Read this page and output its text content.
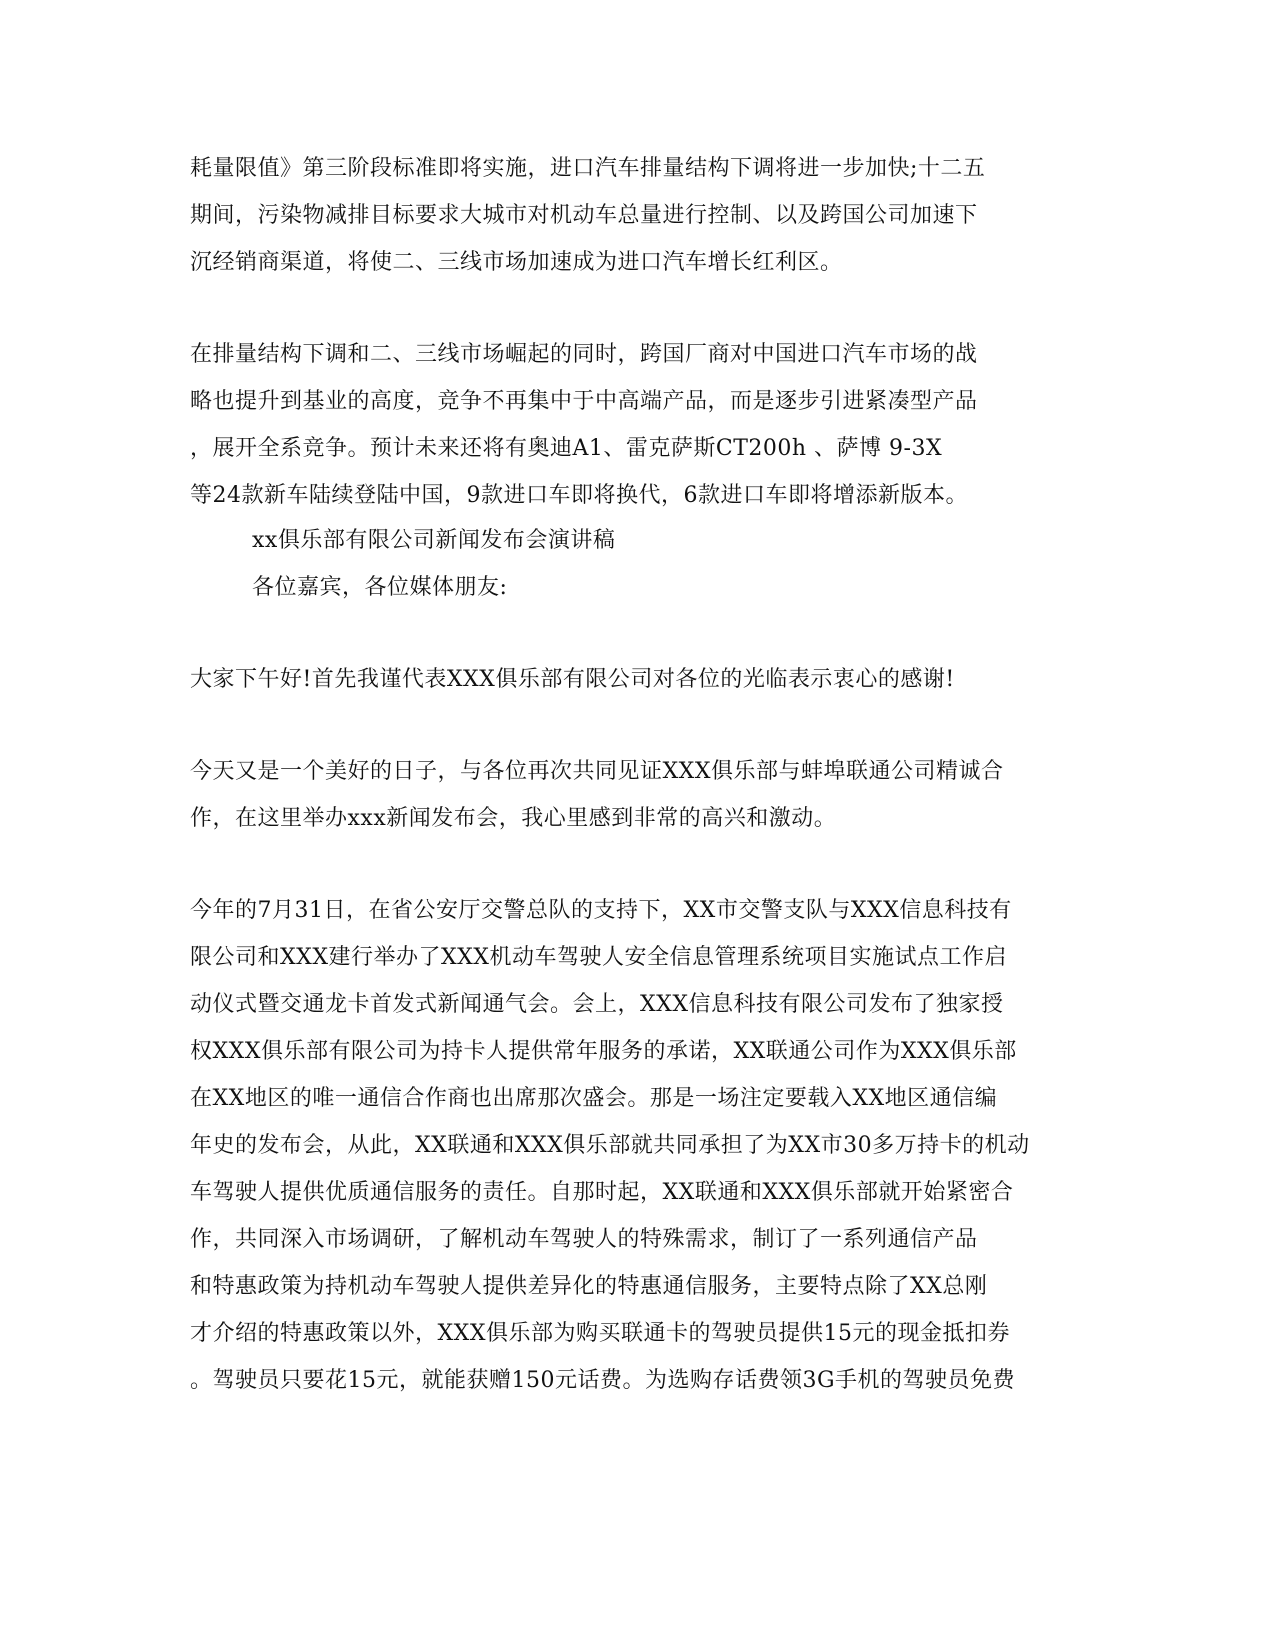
耗量限值》第三阶段标准即将实施，进口汽车排量结构下调将进一步加快;十二五
期间，污染物减排目标要求大城市对机动车总量进行控制、以及跨国公司加速下
沉经销商渠道，将使二、三线市场加速成为进口汽车增长红利区。
在排量结构下调和二、三线市场崛起的同时，跨国厂商对中国进口汽车市场的战
略也提升到基业的高度，竞争不再集中于中高端产品，而是逐步引进紧凑型产品
，展开全系竞争。预计未来还将有奥迪A1、雷克萨斯CT200h 、萨博 9-3X
等24款新车陆续登陆中国，9款进口车即将换代，6款进口车即将增添新版本。
xx俱乐部有限公司新闻发布会演讲稿
各位嘉宾，各位媒体朋友:
大家下午好!首先我谨代表XXX俱乐部有限公司对各位的光临表示衷心的感谢!
今天又是一个美好的日子，与各位再次共同见证XXX俱乐部与蚌埠联通公司精诚合
作，在这里举办xxx新闻发布会，我心里感到非常的高兴和激动。
今年的7月31日，在省公安厅交警总队的支持下，XX市交警支队与XXX信息科技有
限公司和XXX建行举办了XXX机动车驾驶人安全信息管理系统项目实施试点工作启
动仪式暨交通龙卡首发式新闻通气会。会上，XXX信息科技有限公司发布了独家授
权XXX俱乐部有限公司为持卡人提供常年服务的承诺，XX联通公司作为XXX俱乐部
在XX地区的唯一通信合作商也出席那次盛会。那是一场注定要载入XX地区通信编
年史的发布会，从此，XX联通和XXX俱乐部就共同承担了为XX市30多万持卡的机动
车驾驶人提供优质通信服务的责任。自那时起，XX联通和XXX俱乐部就开始紧密合
作，共同深入市场调研，了解机动车驾驶人的特殊需求，制订了一系列通信产品
和特惠政策为持机动车驾驶人提供差异化的特惠通信服务，主要特点除了XX总刚
才介绍的特惠政策以外，XXX俱乐部为购买联通卡的驾驶员提供15元的现金抵扣券
。驾驶员只要花15元，就能获赠150元话费。为选购存话费领3G手机的驾驶员免费
